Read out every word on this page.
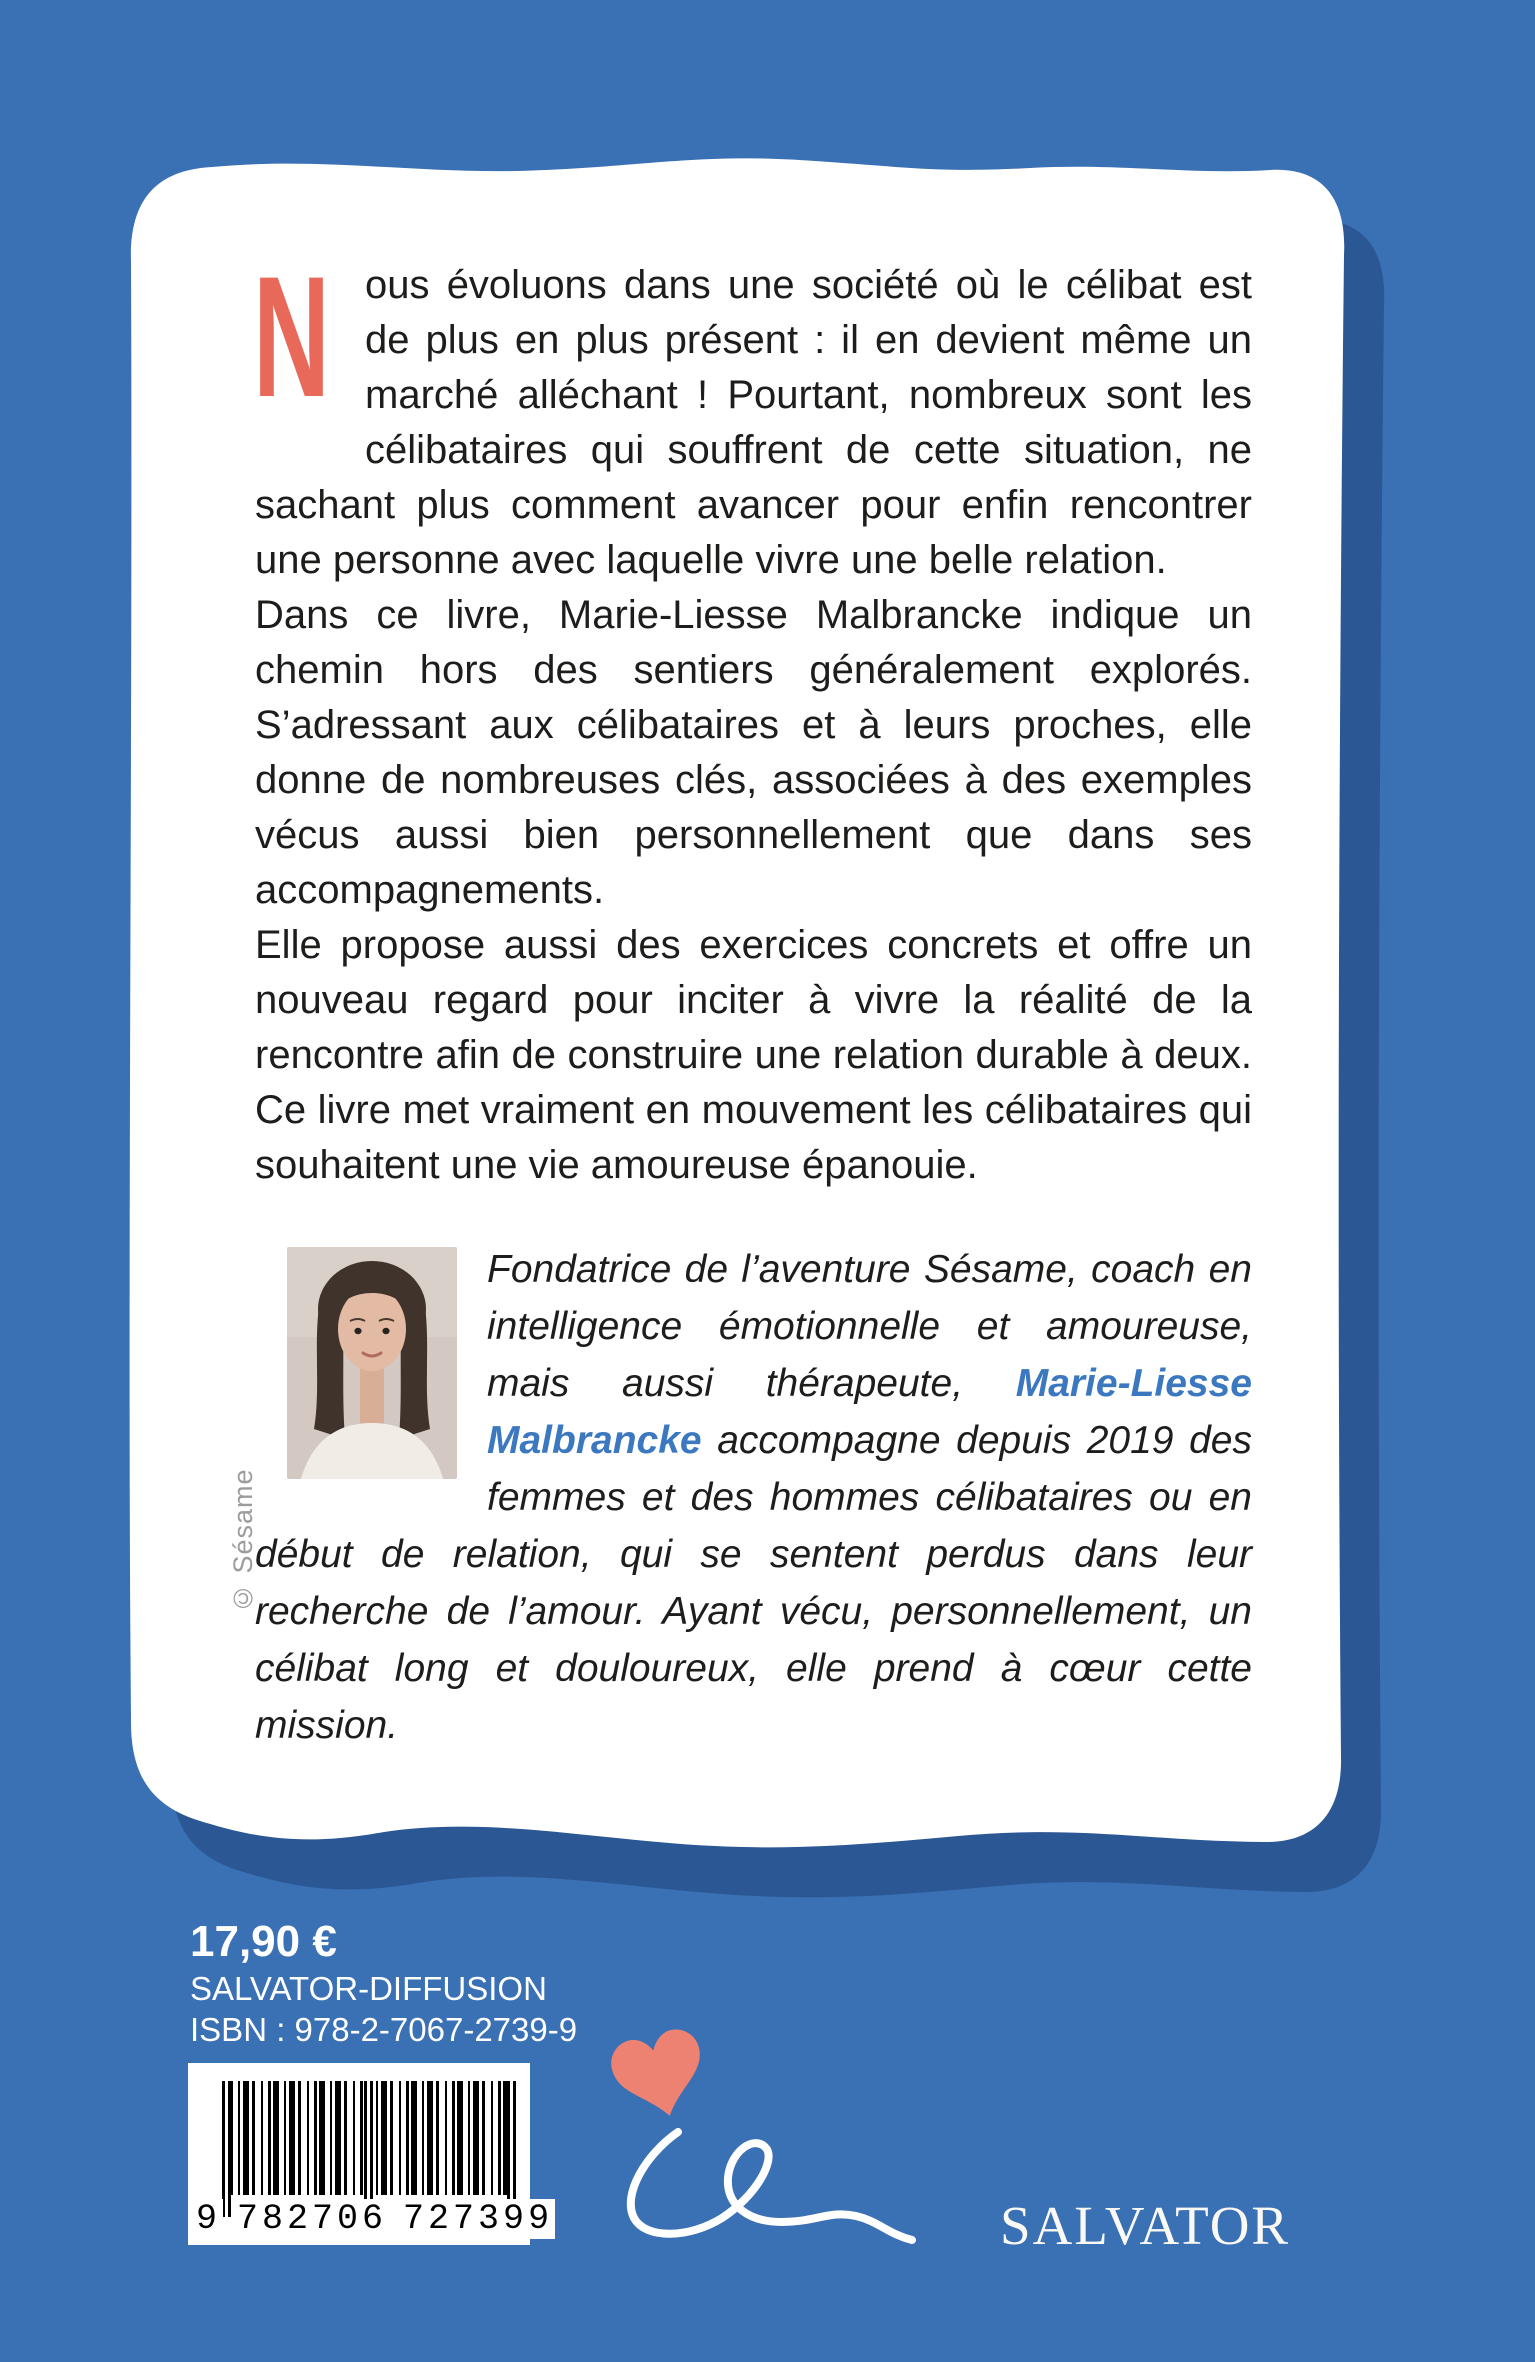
N ous évoluons dans une société où le célibat est de plus en plus présent : il en devient même un marché alléchant ! Pourtant, nombreux sont les célibataires qui souffrent de cette situation, ne sachant plus comment avancer pour enfin rencontrer une personne avec laquelle vivre une belle relation.

Dans ce livre, Marie-Liesse Malbrancke indique un chemin hors des sentiers généralement explorés. S’adressant aux célibataires et à leurs proches, elle donne de nombreuses clés, associées à des exemples vécus aussi bien personnellement que dans ses accompagnements.

Elle propose aussi des exercices concrets et offre un nouveau regard pour inciter à vivre la réalité de la rencontre afin de construire une relation durable à deux. Ce livre met vraiment en mouvement les célibataires qui souhaitent une vie amoureuse épanouie.

Fondatrice de l’aventure Sésame, coach en intelligence émotionnelle et amoureuse, mais aussi thérapeute, Marie-Liesse Malbrancke accompagne depuis 2019 des femmes et des hommes célibataires ou en début de relation, qui se sentent perdus dans leur recherche de l’amour. Ayant vécu, personnellement, un célibat long et douloureux, elle prend à cœur cette mission.
© Sésame
17,90 €
SALVATOR-DIFFUSION
ISBN : 978-2-7067-2739-9
9 782706 727399	SALVATOR
